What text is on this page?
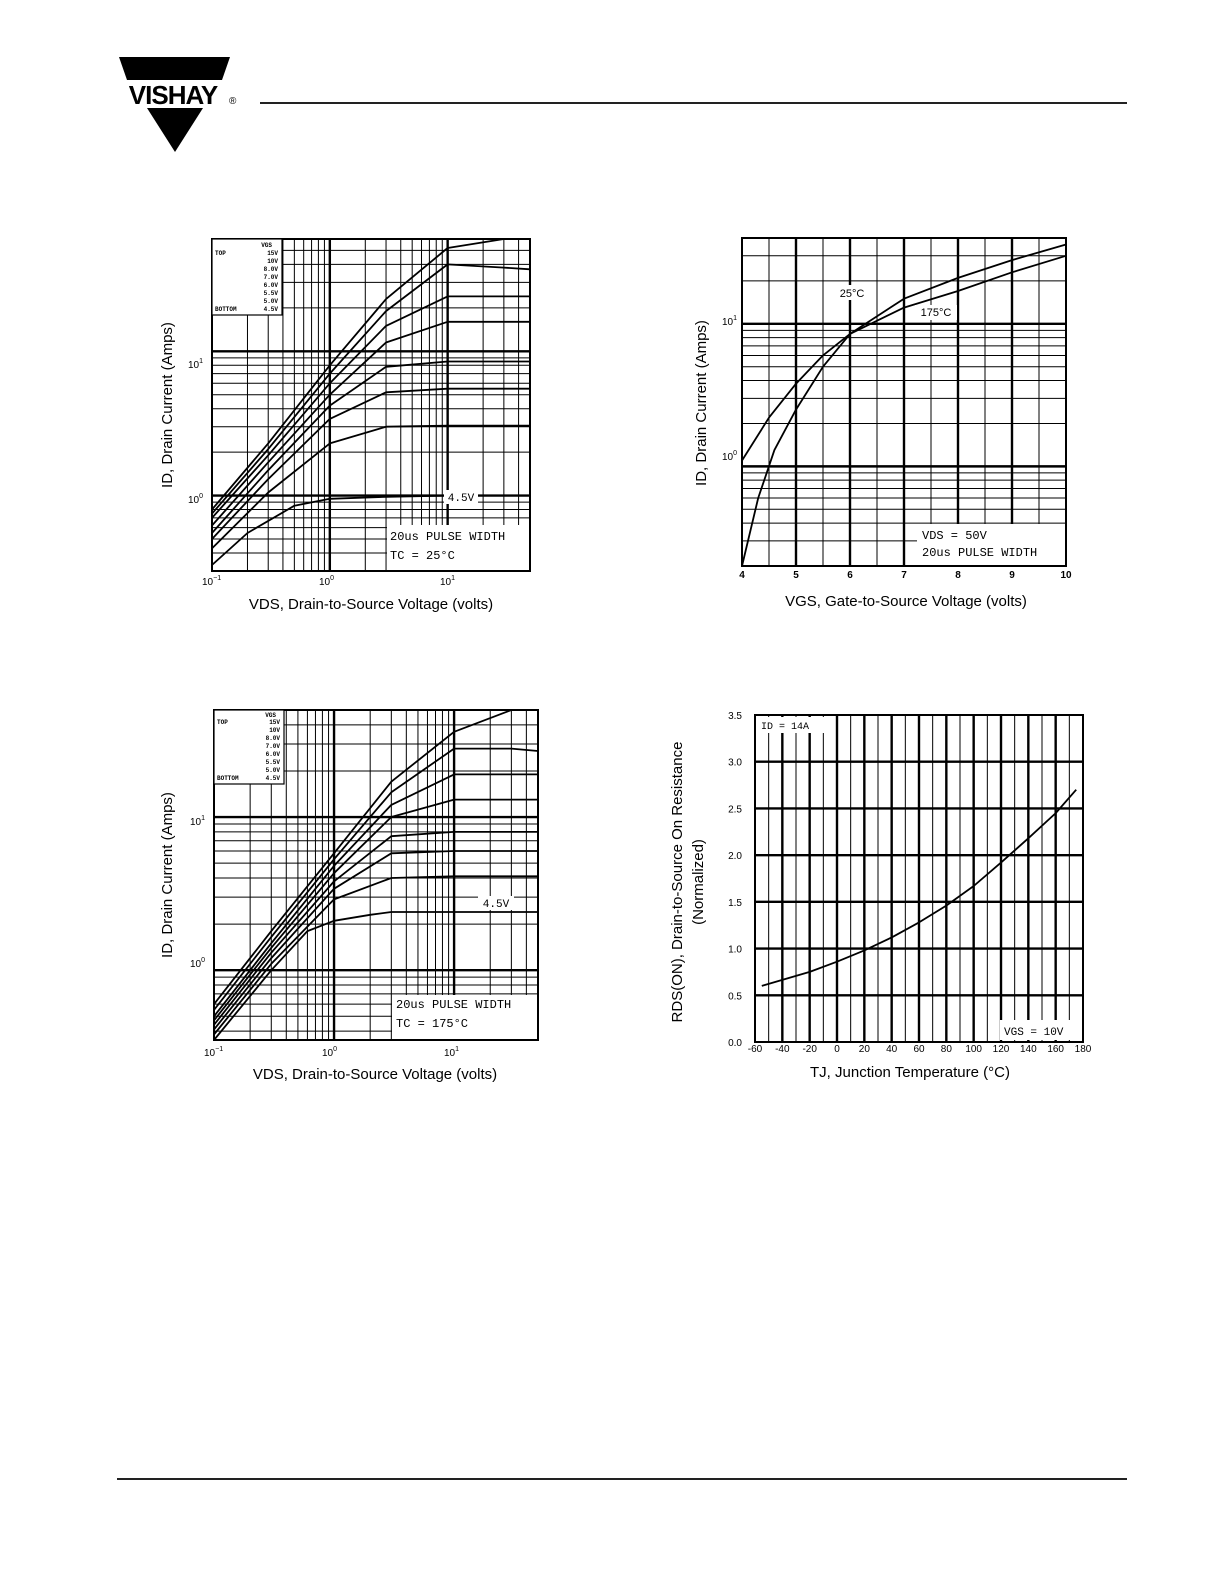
VISHAY ®
VGS
TOP
BOTTOM
15V
10V
8.0V
7.0V
6.0V
5.5V
5.0V
4.5V
4.5V
20us PULSE WIDTH
TC = 25°C
$10^{-1}$	$10^0$	$10^1$
$10^1$
$10^0$
VDS, Drain-to-Source Voltage (volts)
ID, Drain Current (Amps)
25°C
175°C
VDS = 50V
20us PULSE WIDTH
4	5	6	7	8	9	10
$10^1$
$10^0$
VGS, Gate-to-Source Voltage (volts)
ID, Drain Current (Amps)
VGS
TOP
BOTTOM
15V
10V
8.0V
7.0V
6.0V
5.5V
5.0V
4.5V
4.5V
20us PULSE WIDTH
TC = 175°C
$10^{-1}$	$10^0$	$10^1$
$10^1$
$10^0$
VDS, Drain-to-Source Voltage (volts)
ID, Drain Current (Amps)
ID = 14A
VGS = 10V
-60 -40 -20 0 20 40 60 80 100 120 140 160 180
0.0
0.5
1.0
1.5
2.0
2.5
3.0
3.5
TJ, Junction Temperature (°C)
RDS(ON), Drain-to-Source On Resistance (Normalized)
